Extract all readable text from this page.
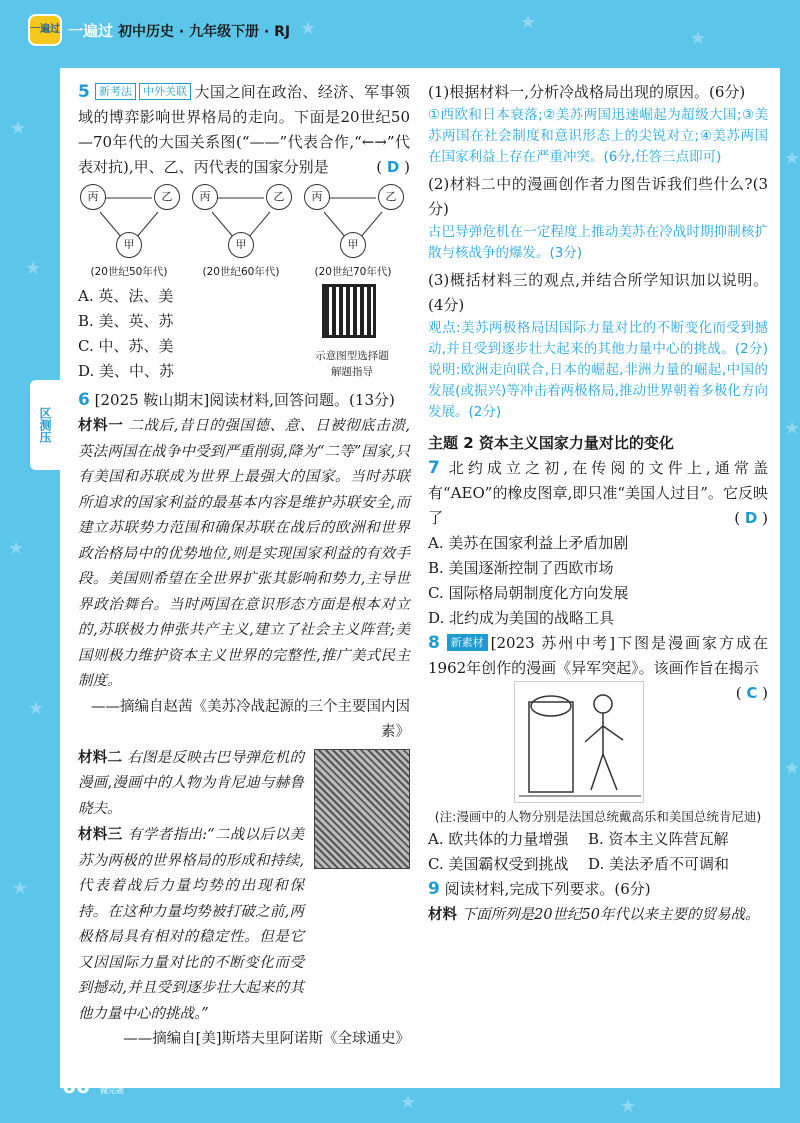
★
★
★
★
★
★
★
★
★	★
★
★	★
一遍过 一遍过 初中历史 · 九年级下册 · RJ
区测压
5 新考法 中外关联 大国之间在政治、经济、军事领域的博弈影响世界格局的走向。下面是20世纪50—70年代的大国关系图(“——”代表合作,“←→”代表对抗),甲、乙、丙代表的国家分别是	( D )
丙	乙
甲
丙	乙
甲
丙	乙
甲
(20世纪50年代)	(20世纪60年代)	(20世纪70年代)
A. 英、法、美
B. 美、英、苏
C. 中、苏、美
D. 美、中、苏
示意图型选择题
解题指导
6 [2025 鞍山期末]阅读材料,回答问题。(13分)
材料一 二战后,昔日的强国德、意、日被彻底击溃,英法两国在战争中受到严重削弱,降为“二等”国家,只有美国和苏联成为世界上最强大的国家。当时苏联所追求的国家利益的最基本内容是维护苏联安全,而建立苏联势力范围和确保苏联在战后的欧洲和世界政治格局中的优势地位,则是实现国家利益的有效手段。美国则希望在全世界扩张其影响和势力,主导世界政治舞台。当时两国在意识形态方面是根本对立的,苏联极力伸张共产主义,建立了社会主义阵营;美国则极力维护资本主义世界的完整性,推广美式民主制度。
——摘编自赵茜《美苏冷战起源的三个主要国内因素》
材料二 右图是反映古巴导弹危机的漫画,漫画中的人物为肯尼迪与赫鲁晓夫。
材料三 有学者指出:“二战以后以美苏为两极的世界格局的形成和持续,代表着战后力量均势的出现和保持。在这种力量均势被打破之前,两极格局具有相对的稳定性。但是它又因国际力量对比的不断变化而受到撼动,并且受到逐步壮大起来的其他力量中心的挑战。”
——摘编自[美]斯塔夫里阿诺斯《全球通史》
(1)根据材料一,分析冷战格局出现的原因。(6分)
①西欧和日本衰落;②美苏两国迅速崛起为超级大国;③美苏两国在社会制度和意识形态上的尖锐对立;④美苏两国在国家利益上存在严重冲突。(6分,任答三点即可)
(2)材料二中的漫画创作者力图告诉我们些什么?(3分)
古巴导弹危机在一定程度上推动美苏在冷战时期抑制核扩散与核战争的爆发。(3分)
(3)概括材料三的观点,并结合所学知识加以说明。(4分)
观点:美苏两极格局因国际力量对比的不断变化而受到撼动,并且受到逐步壮大起来的其他力量中心的挑战。(2分)说明:欧洲走向联合,日本的崛起,非洲力量的崛起,中国的发展(或振兴)等冲击着两极格局,推动世界朝着多极化方向发展。(2分)
主题 2 资本主义国家力量对比的变化
7 北约成立之初,在传阅的文件上,通常盖有“AEO”的橡皮图章,即只准“美国人过目”。它反映了	( D )
A. 美苏在国家利益上矛盾加剧
B. 美国逐渐控制了西欧市场
C. 国际格局朝制度化方向发展
D. 北约成为美国的战略工具
8 新素材 [2023 苏州中考]下图是漫画家方成在1962年创作的漫画《异军突起》。该画作旨在揭示
( C )
(注:漫画中的人物分别是法国总统戴高乐和美国总统肯尼迪)
A. 欧共体的力量增强	B. 资本主义阵营瓦解
C. 美国霸权受到挑战	D. 美法矛盾不可调和
9 阅读材料,完成下列要求。(6分)
材料 下面所列是20世纪50年代以来主要的贸易战。
66 上课认真听 下课做完题
